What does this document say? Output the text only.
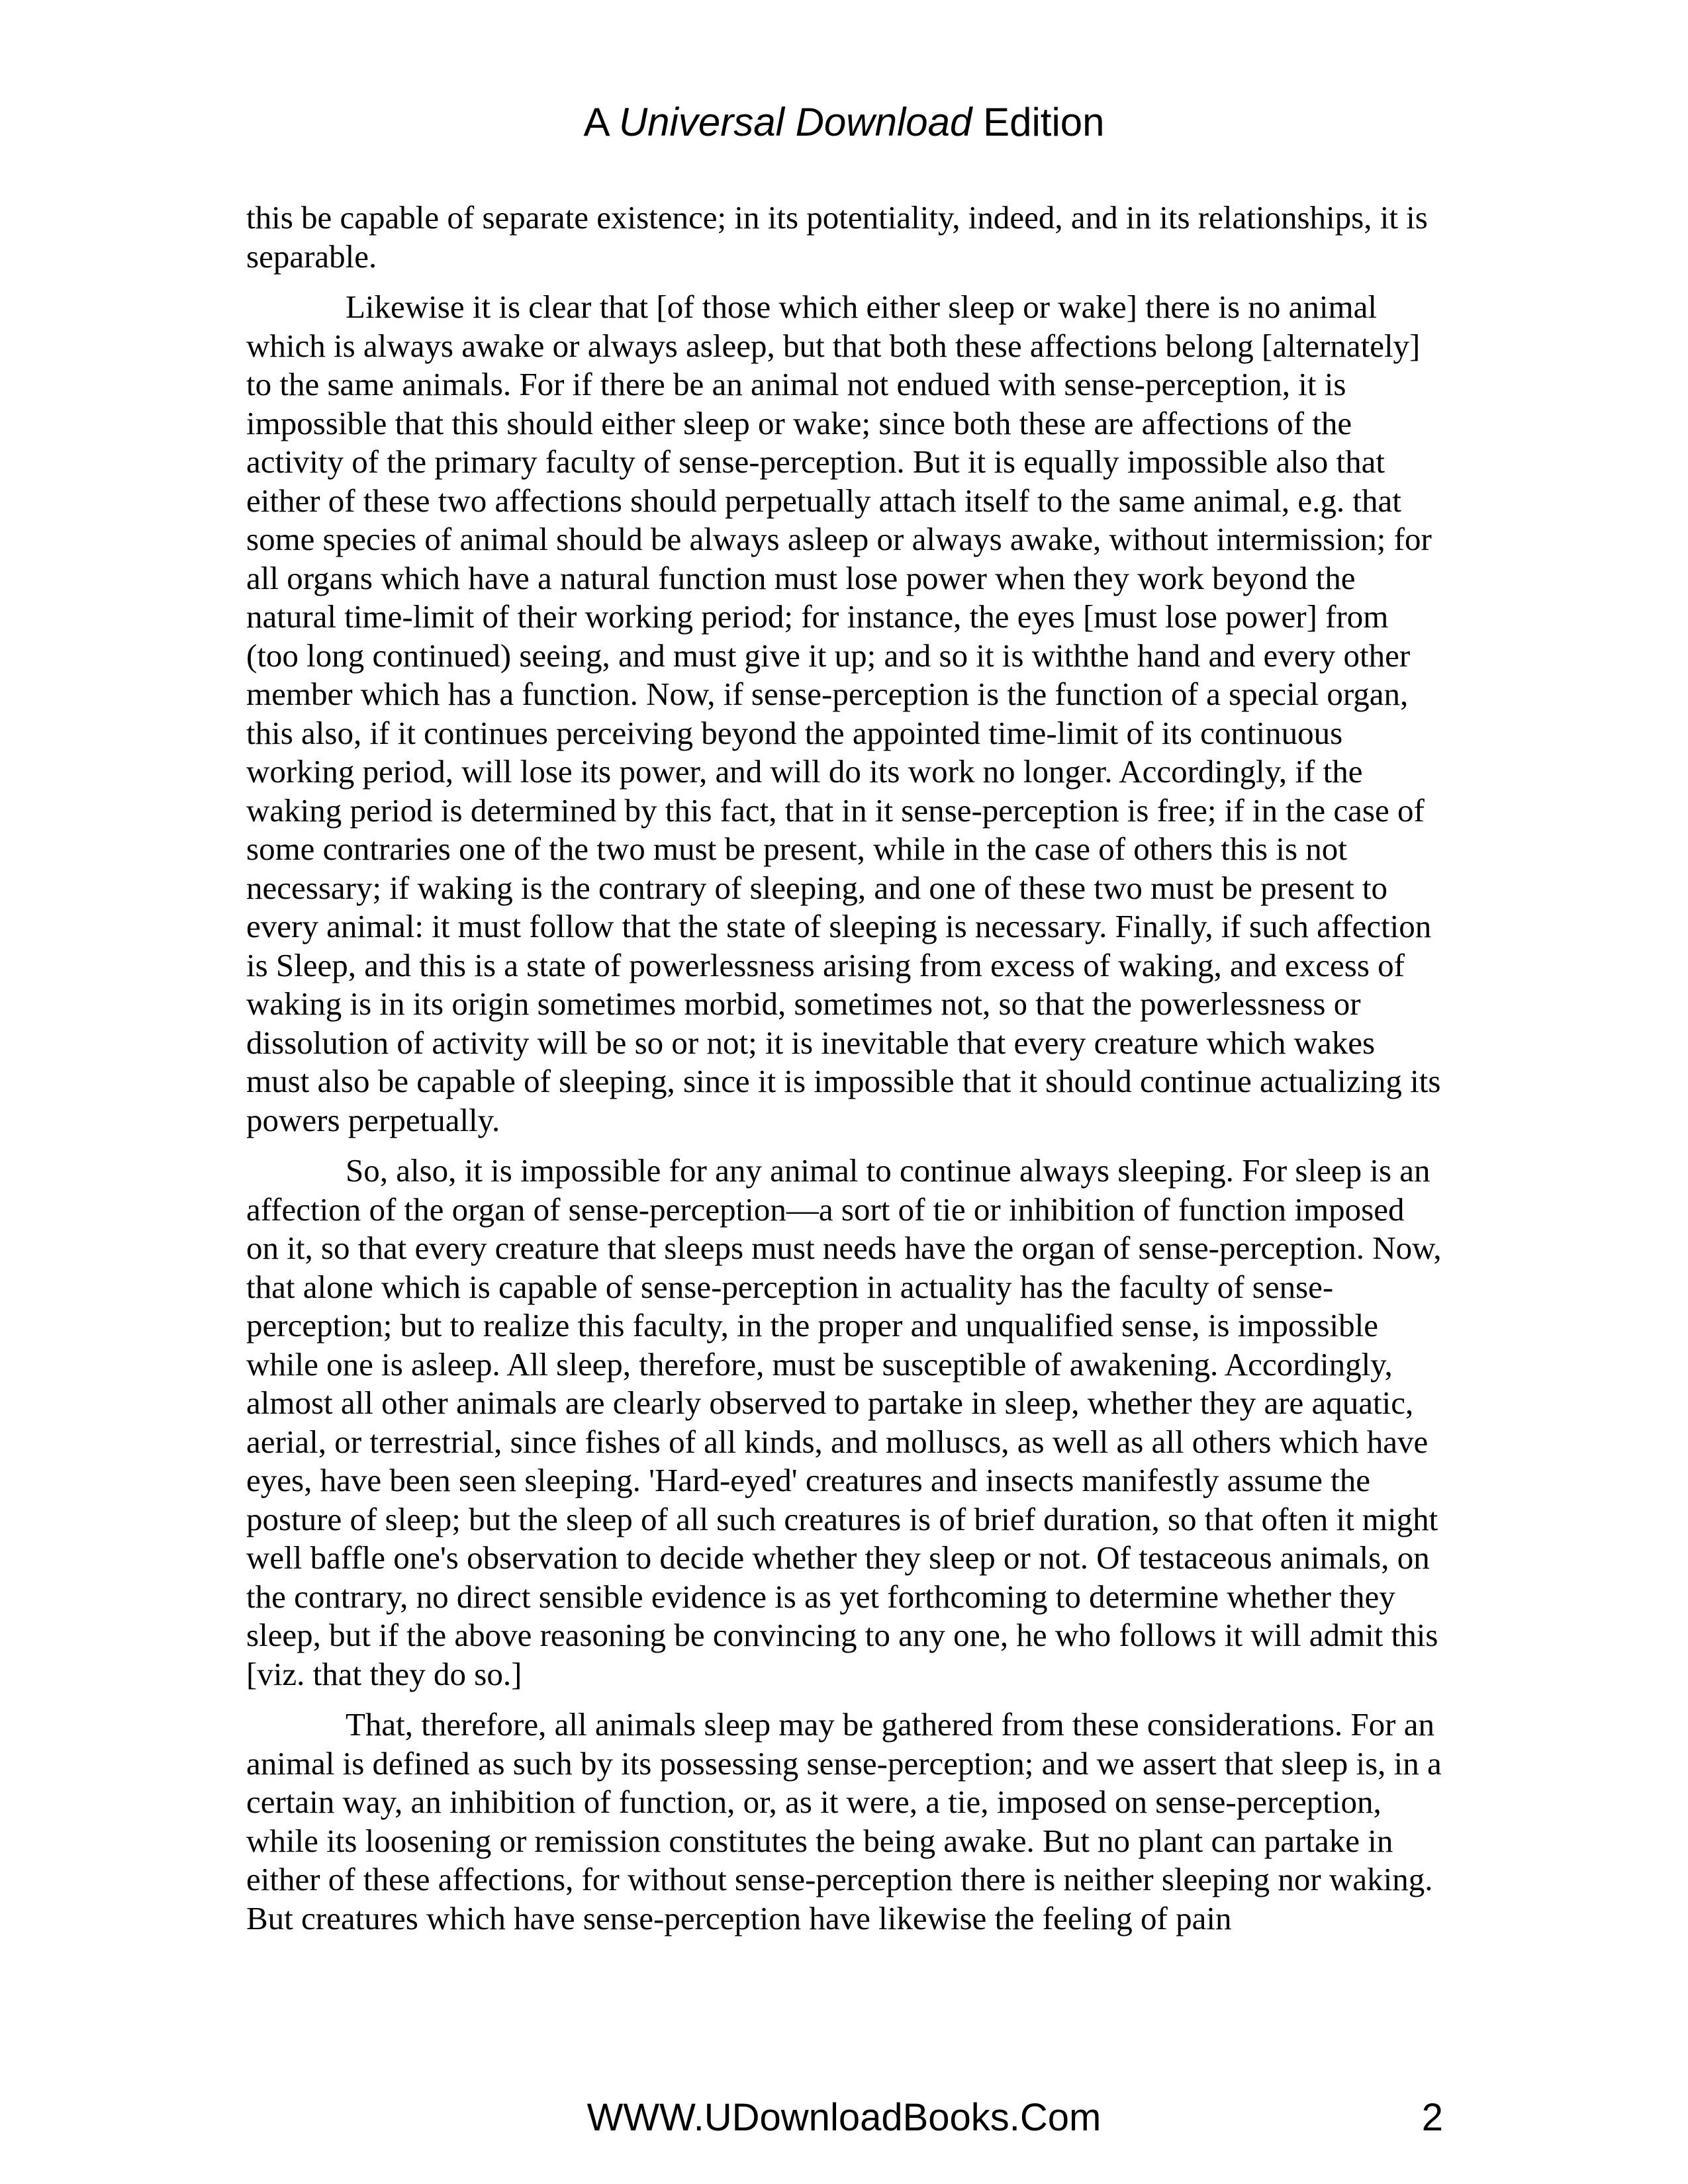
A Universal Download Edition

this be capable of separate existence; in its potentiality, indeed, and in its relationships, it is separable.

Likewise it is clear that [of those which either sleep or wake] there is no animal which is always awake or always asleep, but that both these affections belong [alternately] to the same animals. For if there be an animal not endued with sense-perception, it is impossible that this should either sleep or wake; since both these are affections of the activity of the primary faculty of sense-perception. But it is equally impossible also that either of these two affections should perpetually attach itself to the same animal, e.g. that some species of animal should be always asleep or always awake, without intermission; for all organs which have a natural function must lose power when they work beyond the natural time-limit of their working period; for instance, the eyes [must lose power] from (too long continued) seeing, and must give it up; and so it is withthe hand and every other member which has a function. Now, if sense-perception is the function of a special organ, this also, if it continues perceiving beyond the appointed time-limit of its continuous working period, will lose its power, and will do its work no longer. Accordingly, if the waking period is determined by this fact, that in it sense-perception is free; if in the case of some contraries one of the two must be present, while in the case of others this is not necessary; if waking is the contrary of sleeping, and one of these two must be present to every animal: it must follow that the state of sleeping is necessary. Finally, if such affection is Sleep, and this is a state of powerlessness arising from excess of waking, and excess of waking is in its origin sometimes morbid, sometimes not, so that the powerlessness or dissolution of activity will be so or not; it is inevitable that every creature which wakes must also be capable of sleeping, since it is impossible that it should continue actualizing its powers perpetually.

So, also, it is impossible for any animal to continue always sleeping. For sleep is an affection of the organ of sense-perception—a sort of tie or inhibition of function imposed on it, so that every creature that sleeps must needs have the organ of sense-perception. Now, that alone which is capable of sense-perception in actuality has the faculty of sense-perception; but to realize this faculty, in the proper and unqualified sense, is impossible while one is asleep. All sleep, therefore, must be susceptible of awakening. Accordingly, almost all other animals are clearly observed to partake in sleep, whether they are aquatic, aerial, or terrestrial, since fishes of all kinds, and molluscs, as well as all others which have eyes, have been seen sleeping. 'Hard-eyed' creatures and insects manifestly assume the posture of sleep; but the sleep of all such creatures is of brief duration, so that often it might well baffle one's observation to decide whether they sleep or not. Of testaceous animals, on the contrary, no direct sensible evidence is as yet forthcoming to determine whether they sleep, but if the above reasoning be convincing to any one, he who follows it will admit this [viz. that they do so.]

That, therefore, all animals sleep may be gathered from these considerations. For an animal is defined as such by its possessing sense-perception; and we assert that sleep is, in a certain way, an inhibition of function, or, as it were, a tie, imposed on sense-perception, while its loosening or remission constitutes the being awake. But no plant can partake in either of these affections, for without sense-perception there is neither sleeping nor waking. But creatures which have sense-perception have likewise the feeling of pain

WWW.UDownloadBooks.Com	2
